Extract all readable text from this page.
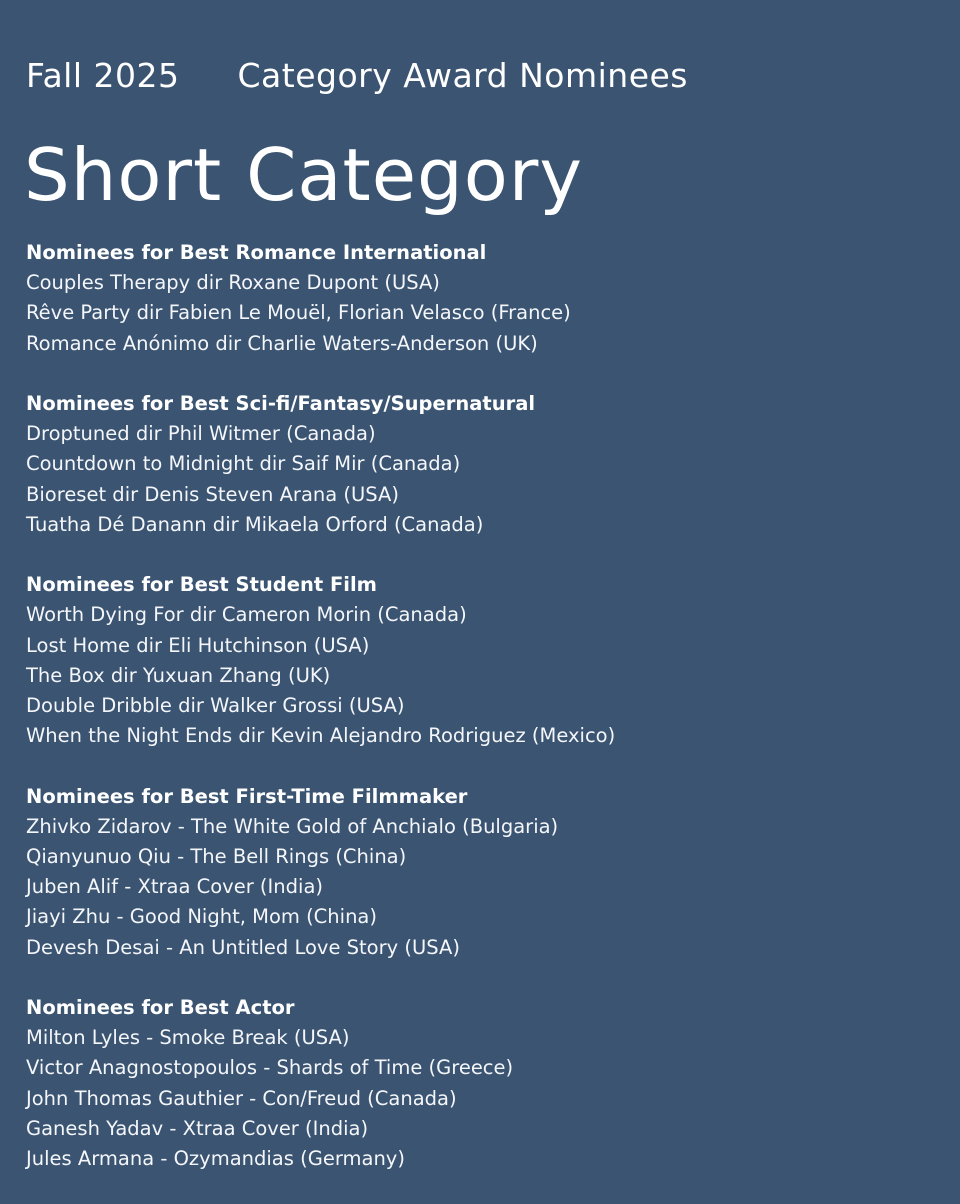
Fall 2025 Category Award Nominees
Short Category
Nominees for Best Romance International
Couples Therapy dir Roxane Dupont (USA)
Rêve Party dir Fabien Le Mouël, Florian Velasco (France)
Romance Anónimo dir Charlie Waters-Anderson (UK)
Nominees for Best Sci-fi/Fantasy/Supernatural
Droptuned dir Phil Witmer (Canada)
Countdown to Midnight dir Saif Mir (Canada)
Bioreset dir Denis Steven Arana (USA)
Tuatha Dé Danann dir Mikaela Orford (Canada)
Nominees for Best Student Film
Worth Dying For dir Cameron Morin (Canada)
Lost Home dir Eli Hutchinson (USA)
The Box dir Yuxuan Zhang (UK)
Double Dribble dir Walker Grossi (USA)
When the Night Ends dir Kevin Alejandro Rodriguez (Mexico)
Nominees for Best First-Time Filmmaker
Zhivko Zidarov - The White Gold of Anchialo (Bulgaria)
Qianyunuo Qiu - The Bell Rings (China)
Juben Alif - Xtraa Cover (India)
Jiayi Zhu - Good Night, Mom (China)
Devesh Desai - An Untitled Love Story (USA)
Nominees for Best Actor
Milton Lyles - Smoke Break (USA)
Victor Anagnostopoulos - Shards of Time (Greece)
John Thomas Gauthier - Con/Freud (Canada)
Ganesh Yadav - Xtraa Cover (India)
Jules Armana - Ozymandias (Germany)
